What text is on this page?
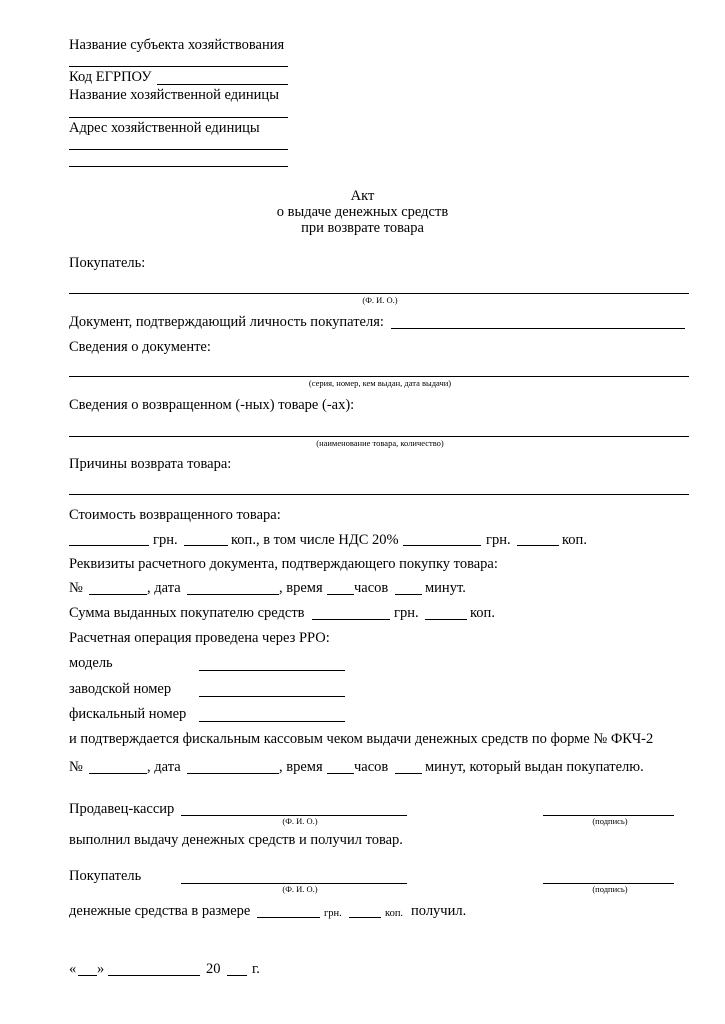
Название субъекта хозяйствования
Код ЕГРПОУ
Название хозяйственной единицы
Адрес хозяйственной единицы
Акт
о выдаче денежных средств
при возврате товара
Покупатель:
(Ф. И. О.)
Документ, подтверждающий личность покупателя:
Сведения о документе:
(серия, номер, кем выдан, дата выдачи)
Сведения о возвращенном (-ных) товаре (-ах):
(наименование товара, количество)
Причины возврата товара:
Стоимость возвращенного товара:
грн.	коп., в том числе НДС 20%	грн.	коп.
Реквизиты расчетного документа, подтверждающего покупку товара:
№	, дата	, время часов	минут.
Сумма выданных покупателю средств	грн.	коп.
Расчетная операция проведена через РРО:
модель
заводской номер
фискальный номер
и подтверждается фискальным кассовым чеком выдачи денежных средств по форме № ФКЧ-2
№	, дата	, время часов	минут, который выдан покупателю.
Продавец-кассир
(Ф. И. О.)	(подпись)
выполнил выдачу денежных средств и получил товар.
Покупатель
(Ф. И. О.)	(подпись)
денежные средства в размере	грн.	коп. получил.
« »	20 г.
